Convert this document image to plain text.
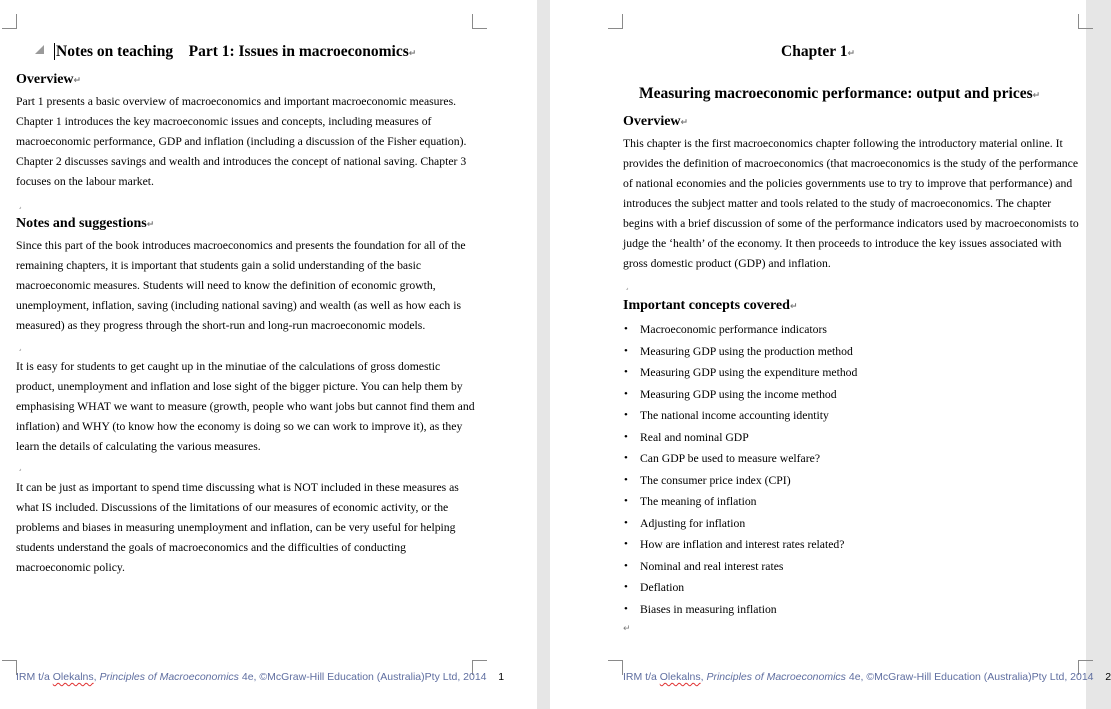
Notes on teaching Part 1: Issues in macroeconomics↵
Overview↵

Part 1 presents a basic overview of macroeconomics and important macroeconomic measures. Chapter 1 introduces the key macroeconomic issues and concepts, including measures of macroeconomic performance, GDP and inflation (including a discussion of the Fisher equation). Chapter 2 discusses savings and wealth and introduces the concept of national saving. Chapter 3 focuses on the labour market.

¸
Notes and suggestions↵

Since this part of the book introduces macroeconomics and presents the foundation for all of the remaining chapters, it is important that students gain a solid understanding of the basic macroeconomic measures. Students will need to know the definition of economic growth, unemployment, inflation, saving (including national saving) and wealth (as well as how each is measured) as they progress through the short-run and long-run macroeconomic models.

¸

It is easy for students to get caught up in the minutiae of the calculations of gross domestic product, unemployment and inflation and lose sight of the bigger picture. You can help them by emphasising WHAT we want to measure (growth, people who want jobs but cannot find them and inflation) and WHY (to know how the economy is doing so we can work to improve it), as they learn the details of calculating the various measures.

¸

It can be just as important to spend time discussing what is NOT included in these measures as what IS included. Discussions of the limitations of our measures of economic activity, or the problems and biases in measuring unemployment and inflation, can be very useful for helping students understand the goals of macroeconomics and the difficulties of conducting macroeconomic policy.

IRM t/a Olekalns, Principles of Macroeconomics 4e, ©McGraw-Hill Education (Australia)Pty Ltd, 2014 1
Chapter 1↵
Measuring macroeconomic performance: output and prices↵
Overview↵

This chapter is the first macroeconomics chapter following the introductory material online. It provides the definition of macroeconomics (that macroeconomics is the study of the performance of national economies and the policies governments use to try to improve that performance) and introduces the subject matter and tools related to the study of macroeconomics. The chapter begins with a brief discussion of some of the performance indicators used by macroeconomists to judge the ‘health’ of the economy. It then proceeds to introduce the key issues associated with gross domestic product (GDP) and inflation.

¸
Important concepts covered↵
• Macroeconomic performance indicators
• Measuring GDP using the production method
• Measuring GDP using the expenditure method
• Measuring GDP using the income method
• The national income accounting identity
• Real and nominal GDP
• Can GDP be used to measure welfare?
• The consumer price index (CPI)
• The meaning of inflation
• Adjusting for inflation
• How are inflation and interest rates related?
• Nominal and real interest rates
• Deflation
• Biases in measuring inflation
↵
IRM t/a Olekalns, Principles of Macroeconomics 4e, ©McGraw-Hill Education (Australia)Pty Ltd, 2014 2
